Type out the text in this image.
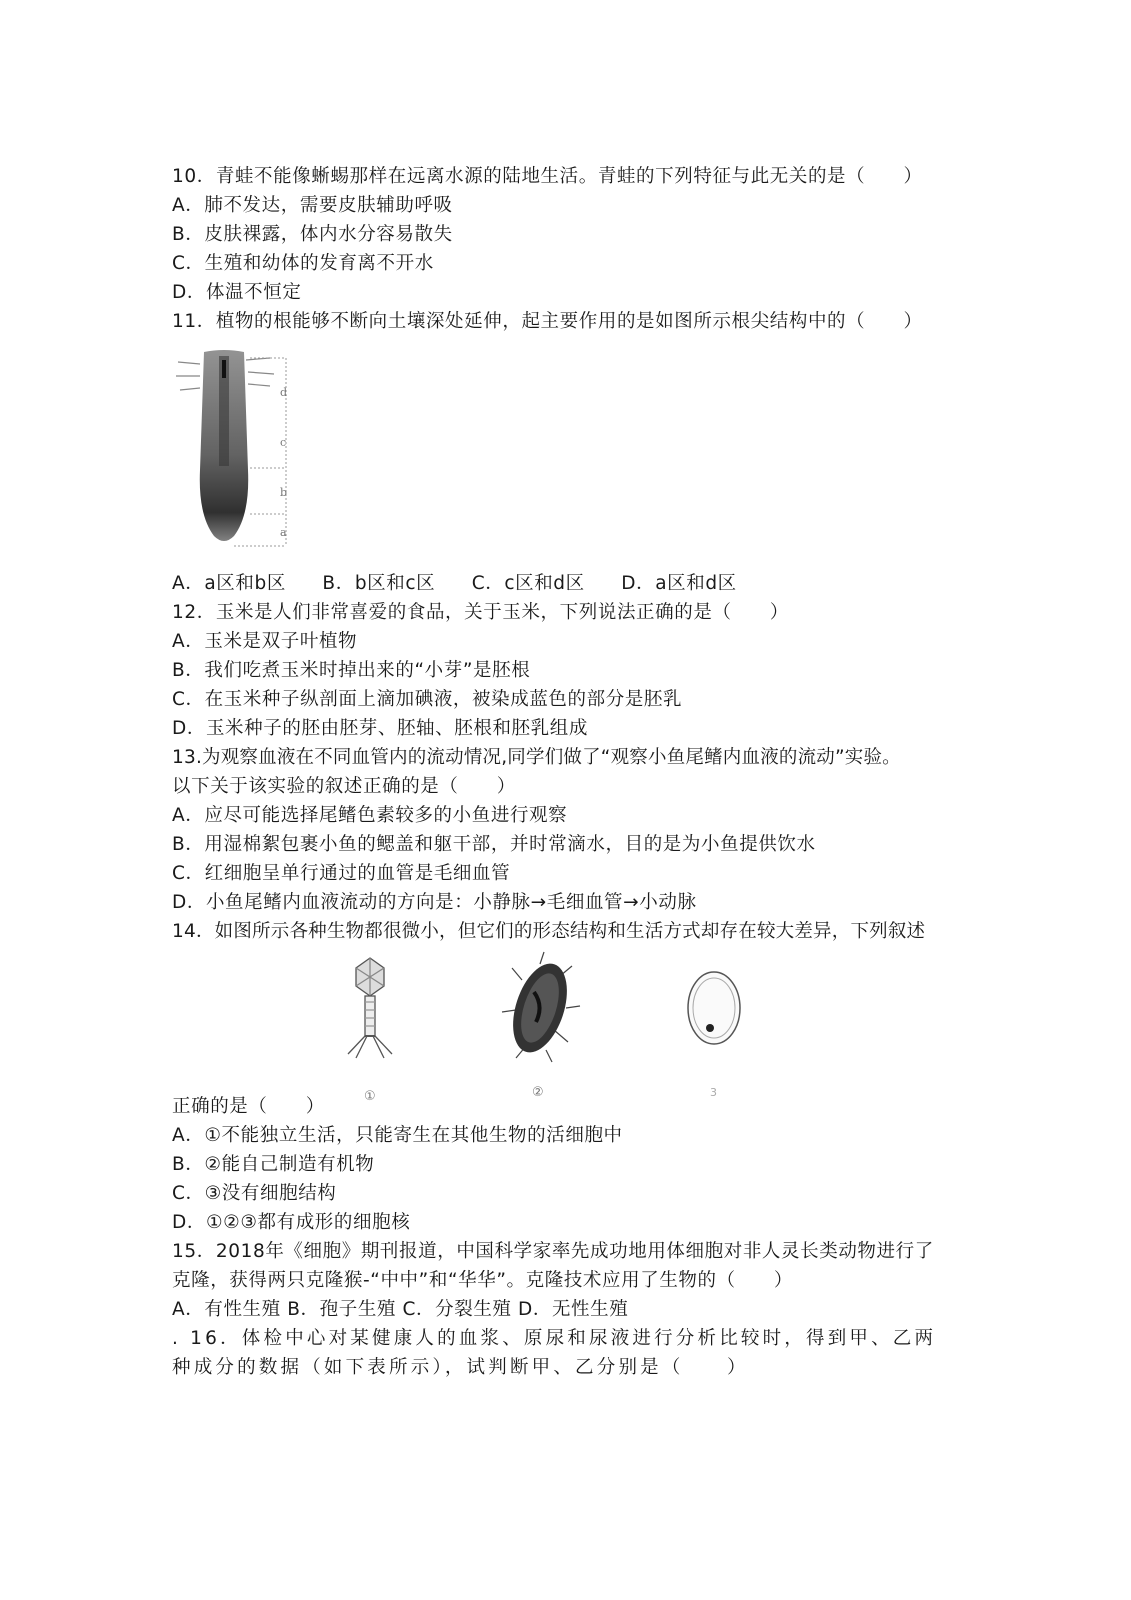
10．青蛙不能像蜥蜴那样在远离水源的陆地生活。青蛙的下列特征与此无关的是（　　）
A．肺不发达，需要皮肤辅助呼吸
B．皮肤裸露，体内水分容易散失
C．生殖和幼体的发育离不开水
D．体温不恒定
11．植物的根能够不断向土壤深处延伸，起主要作用的是如图所示根尖结构中的（　　）
d
c
b
a
A．a区和b区 B．b区和c区 C．c区和d区 D．a区和d区
12．玉米是人们非常喜爱的食品，关于玉米，下列说法正确的是（　　）
A．玉米是双子叶植物
B．我们吃煮玉米时掉出来的“小芽”是胚根
C．在玉米种子纵剖面上滴加碘液，被染成蓝色的部分是胚乳
D．玉米种子的胚由胚芽、胚轴、胚根和胚乳组成
13.为观察血液在不同血管内的流动情况,同学们做了“观察小鱼尾鳍内血液的流动”实验。
以下关于该实验的叙述正确的是（　　）
A．应尽可能选择尾鳍色素较多的小鱼进行观察
B．用湿棉絮包裹小鱼的鳃盖和躯干部，并时常滴水，目的是为小鱼提供饮水
C．红细胞呈单行通过的血管是毛细血管
D．小鱼尾鳍内血液流动的方向是：小静脉→毛细血管→小动脉
14．如图所示各种生物都很微小，但它们的形态结构和生活方式却存在较大差异，下列叙述
①	②	3
正确的是（　　）
A．①不能独立生活，只能寄生在其他生物的活细胞中
B．②能自己制造有机物
C．③没有细胞结构
D．①②③都有成形的细胞核
15．2018年《细胞》期刊报道，中国科学家率先成功地用体细胞对非人灵长类动物进行了
克隆，获得两只克隆猴-“中中”和“华华”。克隆技术应用了生物的（　　）
A．有性生殖 B．孢子生殖 C．分裂生殖 D．无性生殖
. 16．体检中心对某健康人的血浆、原尿和尿液进行分析比较时，得到甲、乙两
种成分的数据（如下表所示），试判断甲、乙分别是（　　）
